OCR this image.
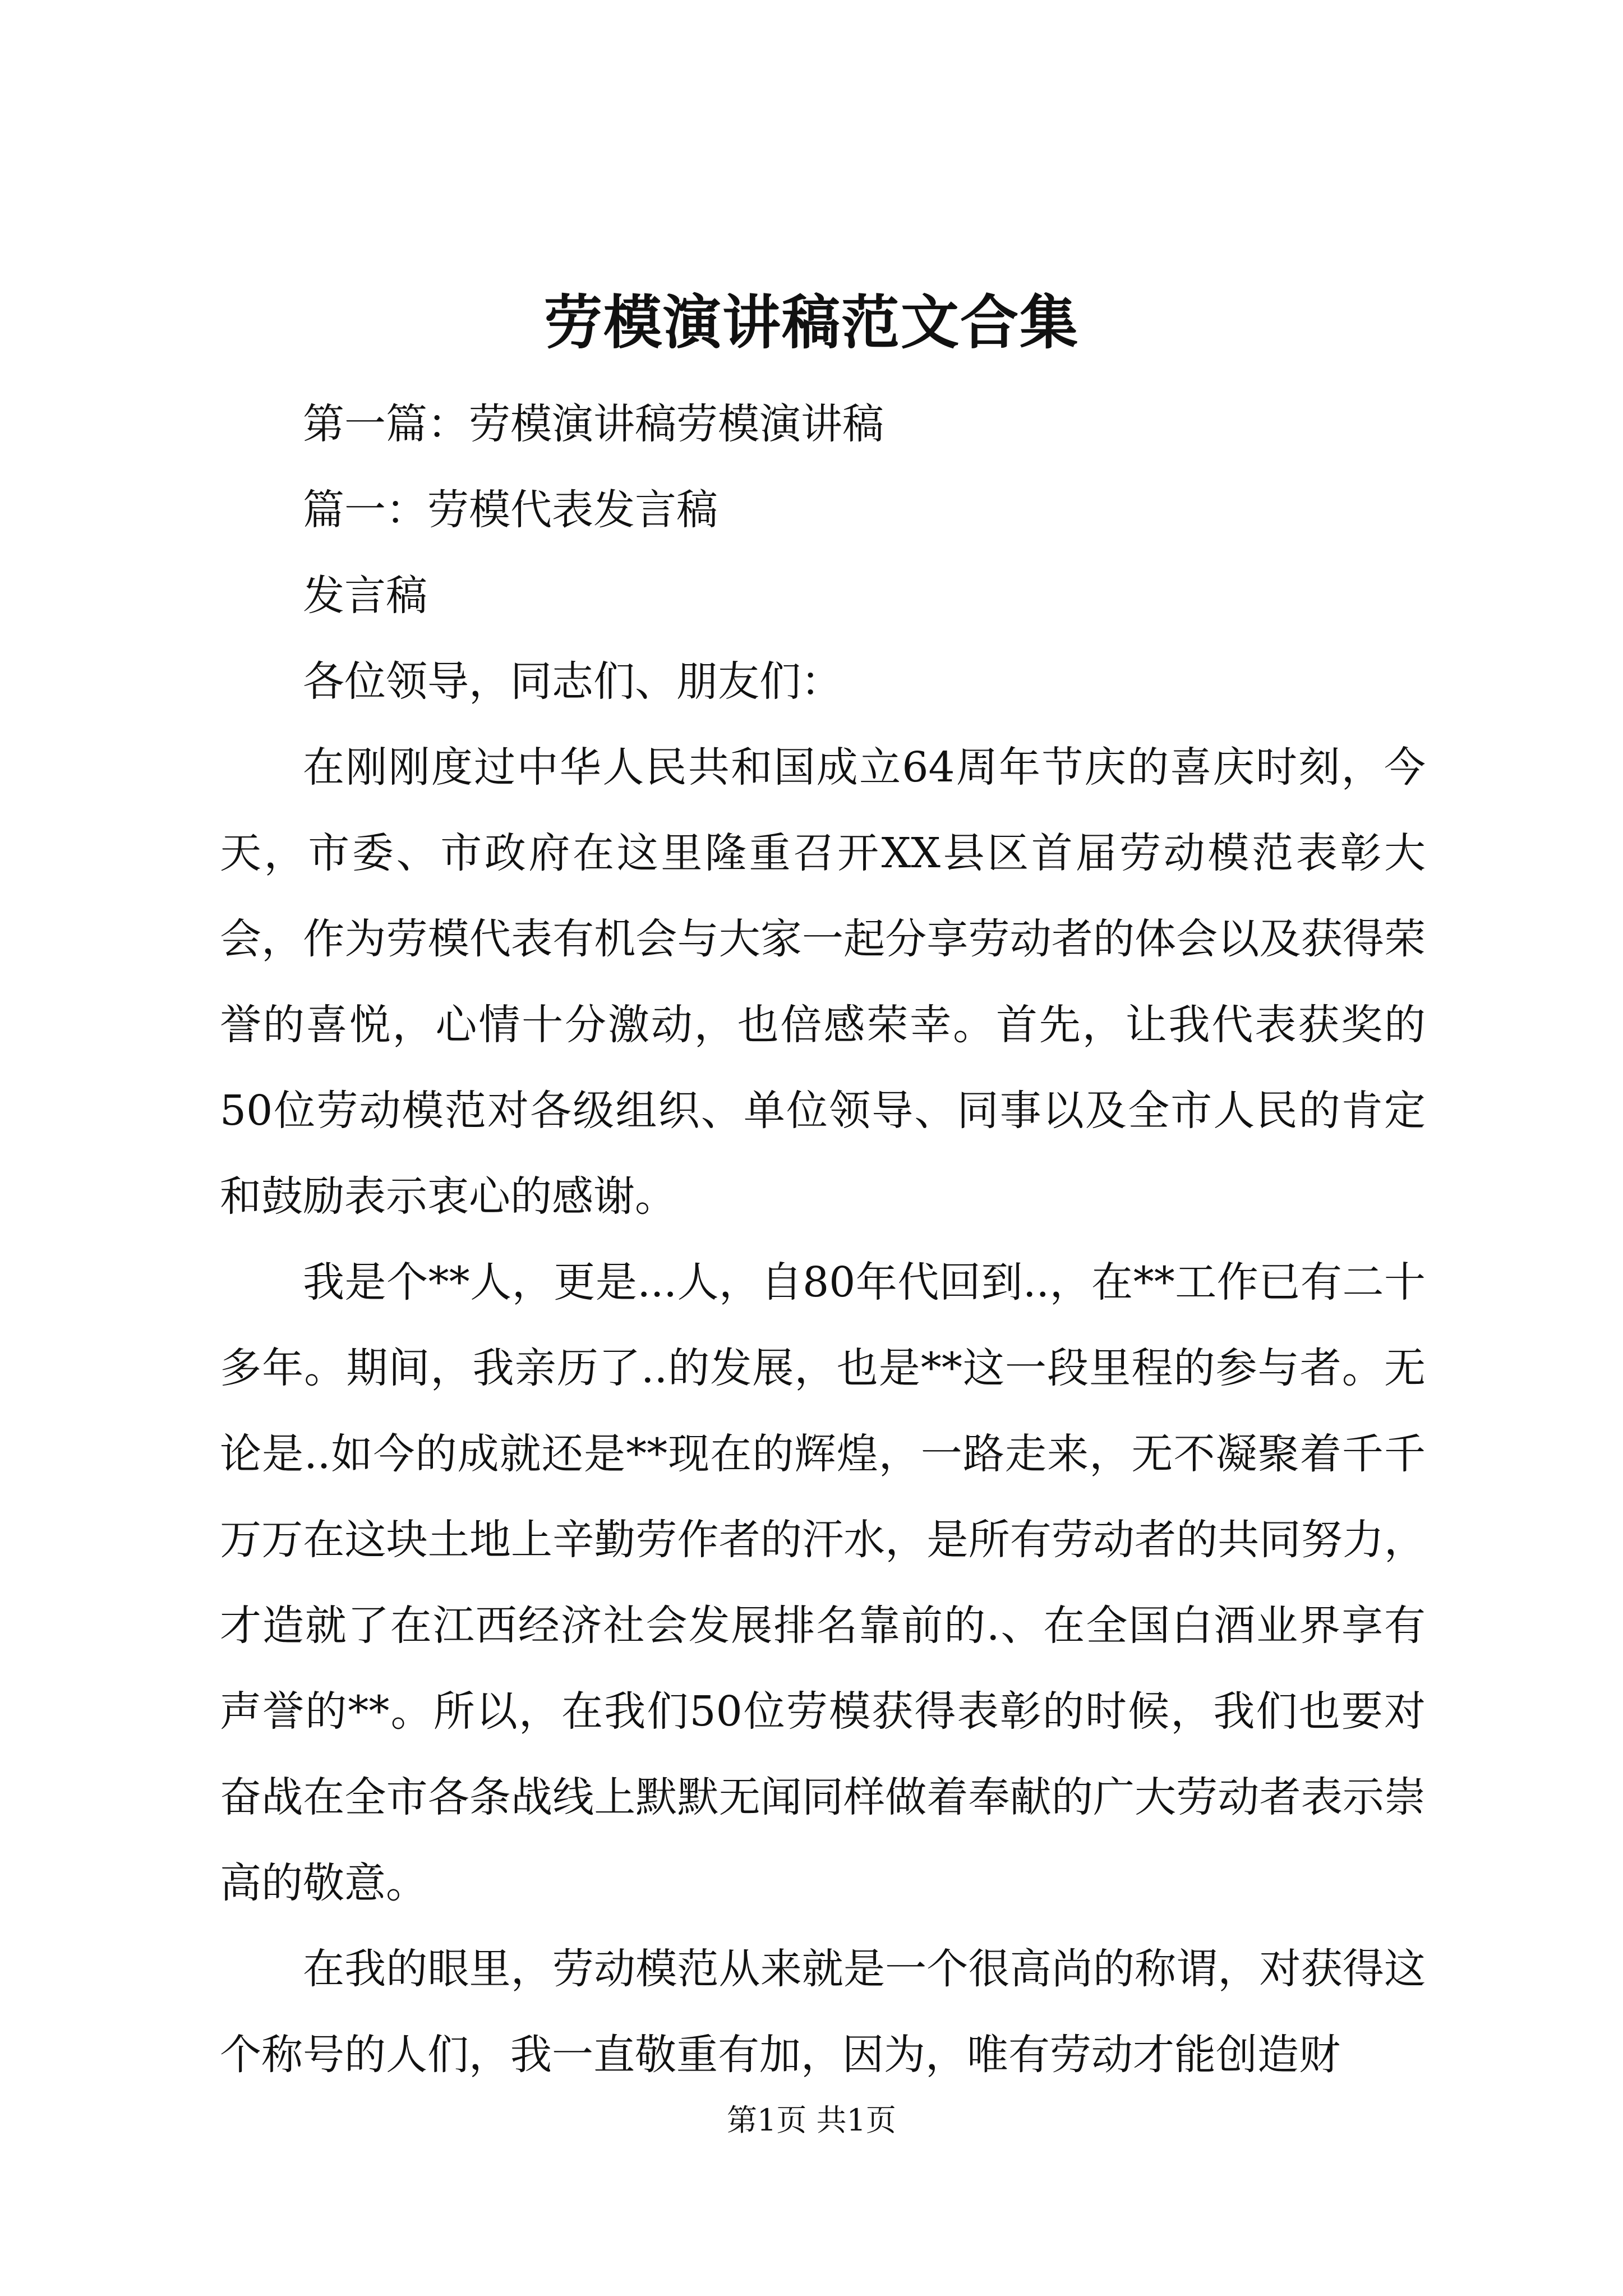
劳模演讲稿范文合集

第一篇：劳模演讲稿劳模演讲稿

篇一：劳模代表发言稿

发言稿

各位领导，同志们、朋友们：

在刚刚度过中华人民共和国成立64周年节庆的喜庆时刻，今天，市委、市政府在这里隆重召开XX县区首届劳动模范表彰大会，作为劳模代表有机会与大家一起分享劳动者的体会以及获得荣誉的喜悦，心情十分激动，也倍感荣幸。首先，让我代表获奖的50位劳动模范对各级组织、单位领导、同事以及全市人民的肯定和鼓励表示衷心的感谢。

我是个**人，更是...人，自80年代回到..，在**工作已有二十多年。期间，我亲历了..的发展，也是**这一段里程的参与者。无论是..如今的成就还是**现在的辉煌，一路走来，无不凝聚着千千万万在这块土地上辛勤劳作者的汗水，是所有劳动者的共同努力，才造就了在江西经济社会发展排名靠前的.、在全国白酒业界享有声誉的**。所以，在我们50位劳模获得表彰的时候，我们也要对奋战在全市各条战线上默默无闻同样做着奉献的广大劳动者表示崇高的敬意。

在我的眼里，劳动模范从来就是一个很高尚的称谓，对获得这个称号的人们，我一直敬重有加，因为，唯有劳动才能创造财

第1页 共1页
